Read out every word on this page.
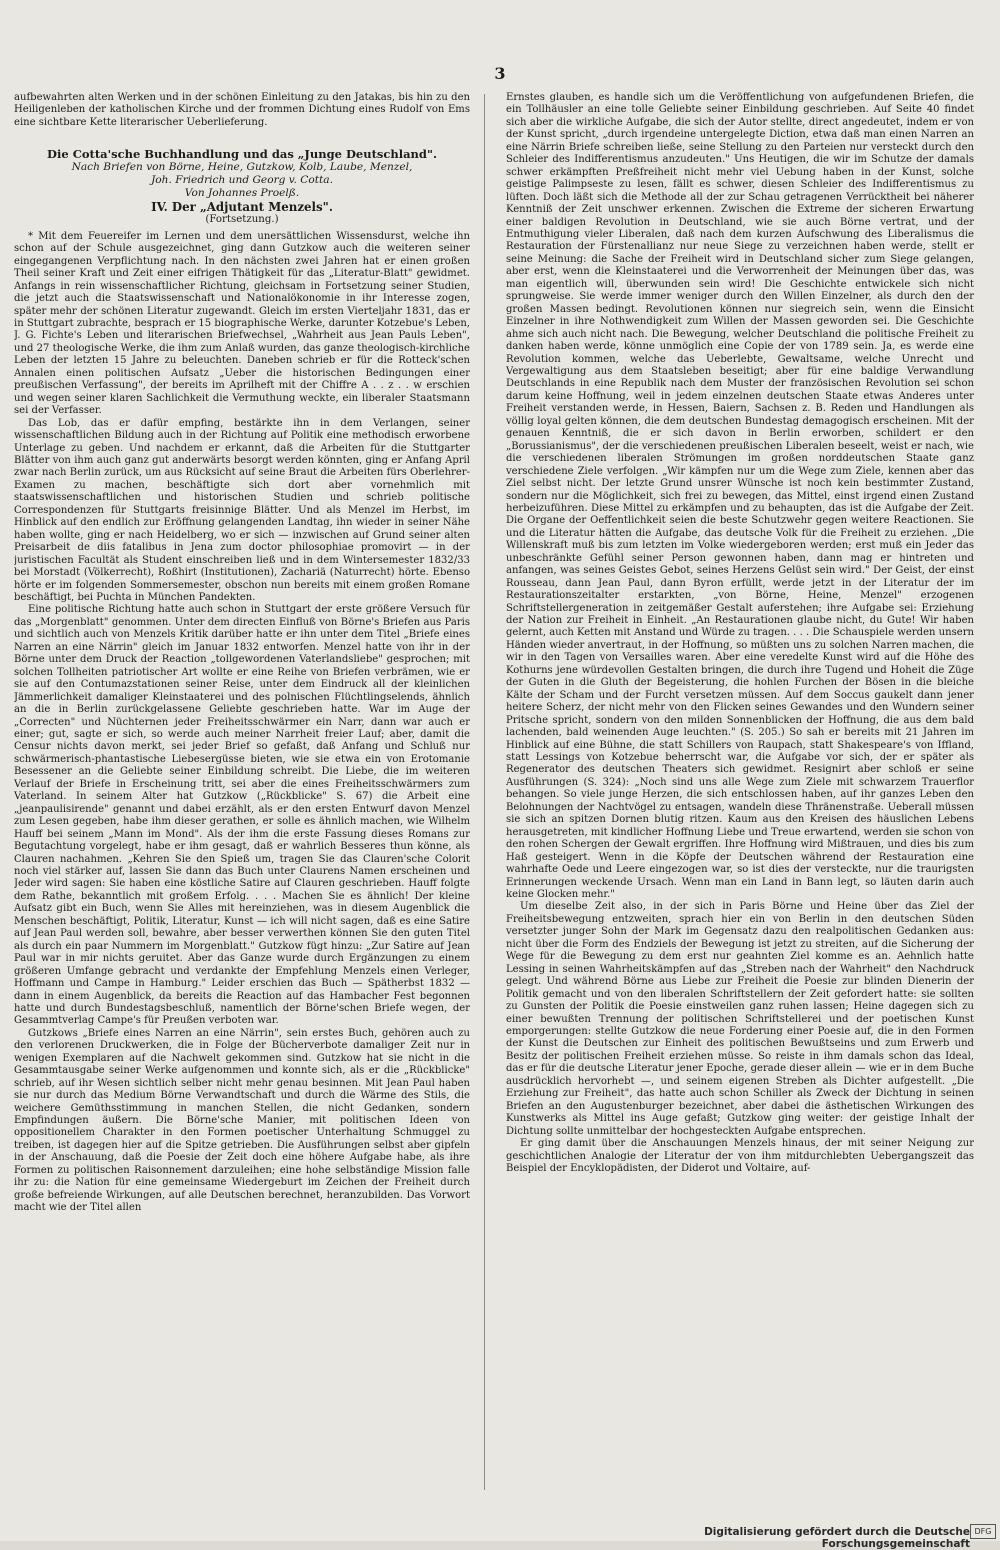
3

aufbewahrten alten Werken und in der schönen Einleitung zu den Jatakas, bis hin zu den Heiligenleben der katholischen Kirche und der frommen Dichtung eines Rudolf von Ems eine sichtbare Kette literarischer Ueberlieferung.

Die Cotta'sche Buchhandlung und das „Junge Deutschland".

Nach Briefen von Börne, Heine, Gutzkow, Kolb, Laube, Menzel,

Joh. Friedrich und Georg v. Cotta.

Von Johannes Proelß.

IV. Der „Adjutant Menzels".

(Fortsetzung.)

* Mit dem Feuereifer im Lernen und dem unersättlichen Wissensdurst, welche ihn schon auf der Schule ausgezeichnet, ging dann Gutzkow auch die weiteren seiner eingegangenen Verpflichtung nach. In den nächsten zwei Jahren hat er einen großen Theil seiner Kraft und Zeit einer eifrigen Thätigkeit für das „Literatur-Blatt" gewidmet. Anfangs in rein wissenschaftlicher Richtung, gleichsam in Fortsetzung seiner Studien, die jetzt auch die Staatswissenschaft und Nationalökonomie in ihr Interesse zogen, später mehr der schönen Literatur zugewandt. Gleich im ersten Vierteljahr 1831, das er in Stuttgart zubrachte, besprach er 15 biographische Werke, darunter Kotzebue's Leben, J. G. Fichte's Leben und literarischen Briefwechsel, „Wahrheit aus Jean Pauls Leben", und 27 theologische Werke, die ihm zum Anlaß wurden, das ganze theologisch-kirchliche Leben der letzten 15 Jahre zu beleuchten. Daneben schrieb er für die Rotteck'schen Annalen einen politischen Aufsatz „Ueber die historischen Bedingungen einer preußischen Verfassung", der bereits im Aprilheft mit der Chiffre A . . z . . w erschien und wegen seiner klaren Sachlichkeit die Vermuthung weckte, ein liberaler Staatsmann sei der Verfasser.

Das Lob, das er dafür empfing, bestärkte ihn in dem Verlangen, seiner wissenschaftlichen Bildung auch in der Richtung auf Politik eine methodisch erworbene Unterlage zu geben. Und nachdem er erkannt, daß die Arbeiten für die Stuttgarter Blätter von ihm auch ganz gut anderwärts besorgt werden könnten, ging er Anfang April zwar nach Berlin zurück, um aus Rücksicht auf seine Braut die Arbeiten fürs Oberlehrer-Examen zu machen, beschäftigte sich dort aber vornehmlich mit staatswissenschaftlichen und historischen Studien und schrieb politische Correspondenzen für Stuttgarts freisinnige Blätter. Und als Menzel im Herbst, im Hinblick auf den endlich zur Eröffnung gelangenden Landtag, ihn wieder in seiner Nähe haben wollte, ging er nach Heidelberg, wo er sich — inzwischen auf Grund seiner alten Preisarbeit de diis fatalibus in Jena zum doctor philosophiae promovirt — in der juristischen Facultät als Student einschreiben ließ und in dem Wintersemester 1832/33 bei Morstadt (Völkerrecht), Roßhirt (Institutionen), Zachariä (Naturrecht) hörte. Ebenso hörte er im folgenden Sommersemester, obschon nun bereits mit einem großen Romane beschäftigt, bei Puchta in München Pandekten.

Eine politische Richtung hatte auch schon in Stuttgart der erste größere Versuch für das „Morgenblatt" genommen. Unter dem directen Einfluß von Börne's Briefen aus Paris und sichtlich auch von Menzels Kritik darüber hatte er ihn unter dem Titel „Briefe eines Narren an eine Närrin" gleich im Januar 1832 entworfen. Menzel hatte von ihr in der Börne unter dem Druck der Reaction „tollgewordenen Vaterlandsliebe" gesprochen; mit solchen Tollheiten patriotischer Art wollte er eine Reihe von Briefen verbrämen, wie er sie auf den Contumazstationen seiner Reise, unter dem Eindruck all der kleinlichen Jämmerlichkeit damaliger Kleinstaaterei und des polnischen Flüchtlingselends, ähnlich an die in Berlin zurückgelassene Geliebte geschrieben hatte. War im Auge der „Correcten" und Nüchternen jeder Freiheitsschwärmer ein Narr, dann war auch er einer; gut, sagte er sich, so werde auch meiner Narrheit freier Lauf; aber, damit die Censur nichts davon merkt, sei jeder Brief so gefaßt, daß Anfang und Schluß nur schwärmerisch-phantastische Liebesergüsse bieten, wie sie etwa ein von Erotomanie Besessener an die Geliebte seiner Einbildung schreibt. Die Liebe, die im weiteren Verlauf der Briefe in Erscheinung tritt, sei aber die eines Freiheitsschwärmers zum Vaterland. In seinem Alter hat Gutzkow („Rückblicke" S. 67) die Arbeit eine „jeanpaulisirende" genannt und dabei erzählt, als er den ersten Entwurf davon Menzel zum Lesen gegeben, habe ihm dieser gerathen, er solle es ähnlich machen, wie Wilhelm Hauff bei seinem „Mann im Mond". Als der ihm die erste Fassung dieses Romans zur Begutachtung vorgelegt, habe er ihm gesagt, daß er wahrlich Besseres thun könne, als Clauren nachahmen. „Kehren Sie den Spieß um, tragen Sie das Clauren'sche Colorit noch viel stärker auf, lassen Sie dann das Buch unter Claurens Namen erscheinen und Jeder wird sagen: Sie haben eine köstliche Satire auf Clauren geschrieben. Hauff folgte dem Rathe, bekanntlich mit großem Erfolg. . . . Machen Sie es ähnlich! Der kleine Aufsatz gibt ein Buch, wenn Sie Alles mit hereinziehen, was in diesem Augenblick die Menschen beschäftigt, Politik, Literatur, Kunst — ich will nicht sagen, daß es eine Satire auf Jean Paul werden soll, bewahre, aber besser verwerthen können Sie den guten Titel als durch ein paar Nummern im Morgenblatt." Gutzkow fügt hinzu: „Zur Satire auf Jean Paul war in mir nichts geruitet. Aber das Ganze wurde durch Ergänzungen zu einem größeren Umfange gebracht und verdankte der Empfehlung Menzels einen Verleger, Hoffmann und Campe in Hamburg." Leider erschien das Buch — Spätherbst 1832 — dann in einem Augenblick, da bereits die Reaction auf das Hambacher Fest begonnen hatte und durch Bundestagsbeschluß, namentlich der Börne'schen Briefe wegen, der Gesammtverlag Campe's für Preußen verboten war.

Gutzkows „Briefe eines Narren an eine Närrin", sein erstes Buch, gehören auch zu den verlorenen Druckwerken, die in Folge der Bücherverbote damaliger Zeit nur in wenigen Exemplaren auf die Nachwelt gekommen sind. Gutzkow hat sie nicht in die Gesammtausgabe seiner Werke aufgenommen und konnte sich, als er die „Rückblicke" schrieb, auf ihr Wesen sichtlich selber nicht mehr genau besinnen. Mit Jean Paul haben sie nur durch das Medium Börne Verwandtschaft und durch die Wärme des Stils, die weichere Gemüthsstimmung in manchen Stellen, die nicht Gedanken, sondern Empfindungen äußern. Die Börne'sche Manier, mit politischen Ideen von oppositionellem Charakter in den Formen poetischer Unterhaltung Schmuggel zu treiben, ist dagegen hier auf die Spitze getrieben. Die Ausführungen selbst aber gipfeln in der Anschauung, daß die Poesie der Zeit doch eine höhere Aufgabe habe, als ihre Formen zu politischen Raisonnement darzuleihen; eine hohe selbständige Mission falle ihr zu: die Nation für eine gemeinsame Wiedergeburt im Zeichen der Freiheit durch große befreiende Wirkungen, auf alle Deutschen berechnet, heranzubilden. Das Vorwort macht wie der Titel allen

Ernstes glauben, es handle sich um die Veröffentlichung von aufgefundenen Briefen, die ein Tollhäusler an eine tolle Geliebte seiner Einbildung geschrieben. Auf Seite 40 findet sich aber die wirkliche Aufgabe, die sich der Autor stellte, direct angedeutet, indem er von der Kunst spricht, „durch irgendeine untergelegte Diction, etwa daß man einen Narren an eine Närrin Briefe schreiben ließe, seine Stellung zu den Parteien nur versteckt durch den Schleier des Indifferentismus anzudeuten." Uns Heutigen, die wir im Schutze der damals schwer erkämpften Preßfreiheit nicht mehr viel Uebung haben in der Kunst, solche geistige Palimpseste zu lesen, fällt es schwer, diesen Schleier des Indifferentismus zu lüften. Doch läßt sich die Methode all der zur Schau getragenen Verrücktheit bei näherer Kenntniß der Zeit unschwer erkennen. Zwischen die Extreme der sicheren Erwartung einer baldigen Revolution in Deutschland, wie sie auch Börne vertrat, und der Entmuthigung vieler Liberalen, daß nach dem kurzen Aufschwung des Liberalismus die Restauration der Fürstenallianz nur neue Siege zu verzeichnen haben werde, stellt er seine Meinung: die Sache der Freiheit wird in Deutschland sicher zum Siege gelangen, aber erst, wenn die Kleinstaaterei und die Verworrenheit der Meinungen über das, was man eigentlich will, überwunden sein wird! Die Geschichte entwickele sich nicht sprungweise. Sie werde immer weniger durch den Willen Einzelner, als durch den der großen Massen bedingt. Revolutionen können nur siegreich sein, wenn die Einsicht Einzelner in ihre Nothwendigkeit zum Willen der Massen geworden sei. Die Geschichte ahme sich auch nicht nach. Die Bewegung, welcher Deutschland die politische Freiheit zu danken haben werde, könne unmöglich eine Copie der von 1789 sein. Ja, es werde eine Revolution kommen, welche das Ueberlebte, Gewaltsame, welche Unrecht und Vergewaltigung aus dem Staatsleben beseitigt; aber für eine baldige Verwandlung Deutschlands in eine Republik nach dem Muster der französischen Revolution sei schon darum keine Hoffnung, weil in jedem einzelnen deutschen Staate etwas Anderes unter Freiheit verstanden werde, in Hessen, Baiern, Sachsen z. B. Reden und Handlungen als völlig loyal gelten können, die dem deutschen Bundestag demagogisch erscheinen. Mit der genauen Kenntniß, die er sich davon in Berlin erworben, schildert er den „Borussianismus", der die verschiedenen preußischen Liberalen beseelt, weist er nach, wie die verschiedenen liberalen Strömungen im großen norddeutschen Staate ganz verschiedene Ziele verfolgen. „Wir kämpfen nur um die Wege zum Ziele, kennen aber das Ziel selbst nicht. Der letzte Grund unsrer Wünsche ist noch kein bestimmter Zustand, sondern nur die Möglichkeit, sich frei zu bewegen, das Mittel, einst irgend einen Zustand herbeizuführen. Diese Mittel zu erkämpfen und zu behaupten, das ist die Aufgabe der Zeit. Die Organe der Oeffentlichkeit seien die beste Schutzwehr gegen weitere Reactionen. Sie und die Literatur hätten die Aufgabe, das deutsche Volk für die Freiheit zu erziehen. „Die Willenskraft muß bis zum letzten im Volke wiedergeboren werden; erst muß ein Jeder das unbeschränkte Gefühl seiner Person gewonnen haben, dann mag er hintreten und anfangen, was seines Geistes Gebot, seines Herzens Gelüst sein wird." Der Geist, der einst Rousseau, dann Jean Paul, dann Byron erfüllt, werde jetzt in der Literatur der im Restaurationszeitalter erstarkten, „von Börne, Heine, Menzel" erzogenen Schriftstellergeneration in zeitgemäßer Gestalt auferstehen; ihre Aufgabe sei: Erziehung der Nation zur Freiheit in Einheit. „An Restaurationen glaube nicht, du Gute! Wir haben gelernt, auch Ketten mit Anstand und Würde zu tragen. . . . Die Schauspiele werden unsern Händen wieder anvertraut, in der Hoffnung, so müßten uns zu solchen Narren machen, die wir in den Tagen von Versailles waren. Aber eine veredelte Kunst wird auf die Höhe des Kothurns jene würdevollen Gestalten bringen, die durch ihre Tugend und Hoheit die Züge der Guten in die Gluth der Begeisterung, die hohlen Furchen der Bösen in die bleiche Kälte der Scham und der Furcht versetzen müssen. Auf dem Soccus gaukelt dann jener heitere Scherz, der nicht mehr von den Flicken seines Gewandes und den Wundern seiner Pritsche spricht, sondern von den milden Sonnenblicken der Hoffnung, die aus dem bald lachenden, bald weinenden Auge leuchten." (S. 205.) So sah er bereits mit 21 Jahren im Hinblick auf eine Bühne, die statt Schillers von Raupach, statt Shakespeare's von Iffland, statt Lessings von Kotzebue beherrscht war, die Aufgabe vor sich, der er später als Regenerator des deutschen Theaters sich gewidmet. Resignirt aber schloß er seine Ausführungen (S. 324): „Noch sind uns alle Wege zum Ziele mit schwarzem Trauerflor behangen. So viele junge Herzen, die sich entschlossen haben, auf ihr ganzes Leben den Belohnungen der Nachtvögel zu entsagen, wandeln diese Thränenstraße. Ueberall müssen sie sich an spitzen Dornen blutig ritzen. Kaum aus den Kreisen des häuslichen Lebens herausgetreten, mit kindlicher Hoffnung Liebe und Treue erwartend, werden sie schon von den rohen Schergen der Gewalt ergriffen. Ihre Hoffnung wird Mißtrauen, und dies bis zum Haß gesteigert. Wenn in die Köpfe der Deutschen während der Restauration eine wahrhafte Oede und Leere eingezogen war, so ist dies der versteckte, nur die traurigsten Erinnerungen weckende Ursach. Wenn man ein Land in Bann legt, so läuten darin auch keine Glocken mehr."

Um dieselbe Zeit also, in der sich in Paris Börne und Heine über das Ziel der Freiheitsbewegung entzweiten, sprach hier ein von Berlin in den deutschen Süden versetzter junger Sohn der Mark im Gegensatz dazu den realpolitischen Gedanken aus: nicht über die Form des Endziels der Bewegung ist jetzt zu streiten, auf die Sicherung der Wege für die Bewegung zu dem erst nur geahnten Ziel komme es an. Aehnlich hatte Lessing in seinen Wahrheitskämpfen auf das „Streben nach der Wahrheit" den Nachdruck gelegt. Und während Börne aus Liebe zur Freiheit die Poesie zur blinden Dienerin der Politik gemacht und von den liberalen Schriftstellern der Zeit gefordert hatte: sie sollten zu Gunsten der Politik die Poesie einstweilen ganz ruhen lassen; Heine dagegen sich zu einer bewußten Trennung der politischen Schriftstellerei und der poetischen Kunst emporgerungen: stellte Gutzkow die neue Forderung einer Poesie auf, die in den Formen der Kunst die Deutschen zur Einheit des politischen Bewußtseins und zum Erwerb und Besitz der politischen Freiheit erziehen müsse. So reiste in ihm damals schon das Ideal, das er für die deutsche Literatur jener Epoche, gerade dieser allein — wie er in dem Buche ausdrücklich hervorhebt —, und seinem eigenen Streben als Dichter aufgestellt. „Die Erziehung zur Freiheit", das hatte auch schon Schiller als Zweck der Dichtung in seinen Briefen an den Augustenburger bezeichnet, aber dabei die ästhetischen Wirkungen des Kunstwerks als Mittel ins Auge gefaßt; Gutzkow ging weiter: der geistige Inhalt der Dichtung sollte unmittelbar der hochgesteckten Aufgabe entsprechen.

Er ging damit über die Anschauungen Menzels hinaus, der mit seiner Neigung zur geschichtlichen Analogie der Literatur der von ihm mitdurchlebten Uebergangszeit das Beispiel der Encyklopädisten, der Diderot und Voltaire, auf-

Digitalisierung gefördert durch die Deutsche Forschungsgemeinschaft
DFG
